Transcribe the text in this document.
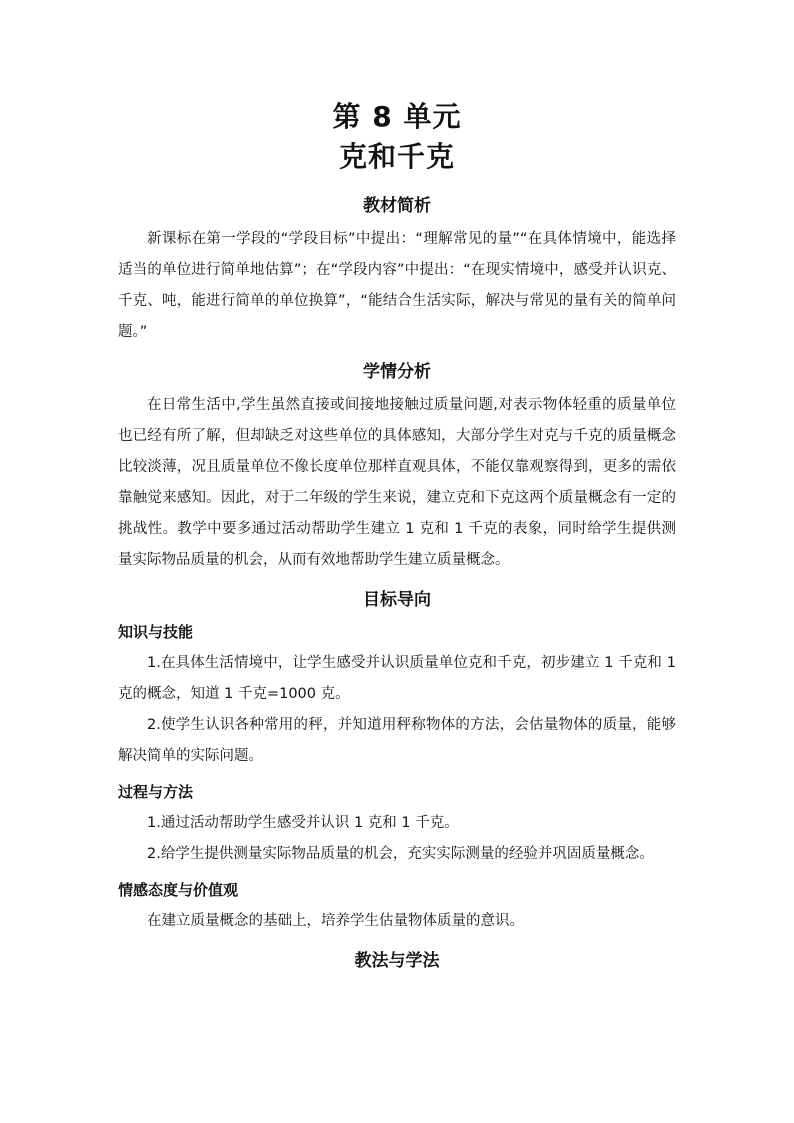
第 8 单元
克和千克
教材简析

新课标在第一学段的“学段目标”中提出：“理解常见的量”“在具体情境中，能选择适当的单位进行简单地估算”；在“学段内容”中提出：“在现实情境中，感受并认识克、千克、吨，能进行简单的单位换算”，“能结合生活实际，解决与常见的量有关的简单问题。”

学情分析

在日常生活中,学生虽然直接或间接地接触过质量问题,对表示物体轻重的质量单位也已经有所了解，但却缺乏对这些单位的具体感知，大部分学生对克与千克的质量概念比较淡薄，况且质量单位不像长度单位那样直观具体，不能仅靠观察得到，更多的需依靠触觉来感知。因此，对于二年级的学生来说，建立克和下克这两个质量概念有一定的挑战性。教学中要多通过活动帮助学生建立 1 克和 1 千克的表象，同时给学生提供测量实际物品质量的机会，从而有效地帮助学生建立质量概念。

目标导向
知识与技能

1.在具体生活情境中，让学生感受并认识质量单位克和千克，初步建立 1 千克和 1 克的概念，知道 1 千克=1000 克。

2.使学生认识各种常用的秤，并知道用秤称物体的方法，会估量物体的质量，能够解决简单的实际问题。

过程与方法

1.通过活动帮助学生感受并认识 1 克和 1 千克。

2.给学生提供测量实际物品质量的机会，充实实际测量的经验并巩固质量概念。

情感态度与价值观

在建立质量概念的基础上，培养学生估量物体质量的意识。

教法与学法
